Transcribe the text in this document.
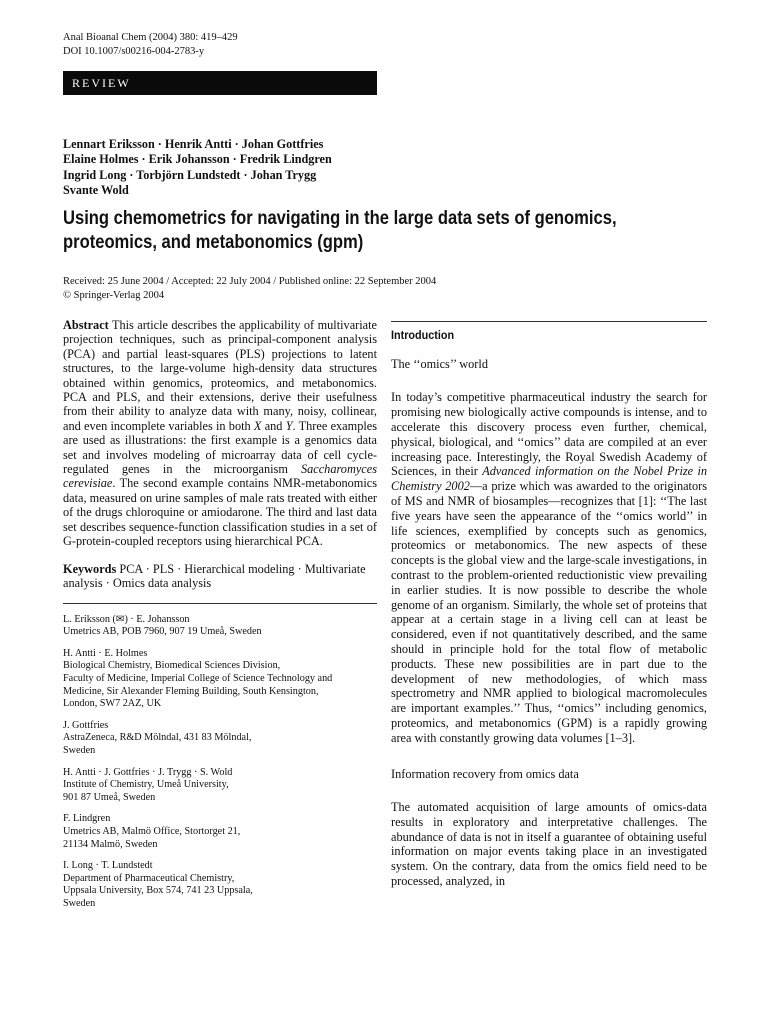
Anal Bioanal Chem (2004) 380: 419–429
DOI 10.1007/s00216-004-2783-y
REVIEW
Lennart Eriksson · Henrik Antti · Johan Gottfries
Elaine Holmes · Erik Johansson · Fredrik Lindgren
Ingrid Long · Torbjörn Lundstedt · Johan Trygg
Svante Wold
Using chemometrics for navigating in the large data sets of genomics,
proteomics, and metabonomics (gpm)
Received: 25 June 2004 / Accepted: 22 July 2004 / Published online: 22 September 2004
© Springer-Verlag 2004

Abstract This article describes the applicability of multivariate projection techniques, such as principal-component analysis (PCA) and partial least-squares (PLS) projections to latent structures, to the large-volume high-density data structures obtained within genomics, proteomics, and metabonomics. PCA and PLS, and their extensions, derive their usefulness from their ability to analyze data with many, noisy, collinear, and even incomplete variables in both X and Y. Three examples are used as illustrations: the first example is a genomics data set and involves modeling of microarray data of cell cycle-regulated genes in the microorganism Saccharomyces cerevisiae. The second example contains NMR-metabonomics data, measured on urine samples of male rats treated with either of the drugs chloroquine or amiodarone. The third and last data set describes sequence-function classification studies in a set of G-protein-coupled receptors using hierarchical PCA.

Keywords PCA · PLS · Hierarchical modeling · Multivariate analysis · Omics data analysis

L. Eriksson (✉) · E. Johansson
Umetrics AB, POB 7960, 907 19 Umeå, Sweden
H. Antti · E. Holmes
Biological Chemistry, Biomedical Sciences Division,
Faculty of Medicine, Imperial College of Science Technology and
Medicine, Sir Alexander Fleming Building, South Kensington,
London, SW7 2AZ, UK
J. Gottfries
AstraZeneca, R&D Mölndal, 431 83 Mölndal,
Sweden
H. Antti · J. Gottfries · J. Trygg · S. Wold
Institute of Chemistry, Umeå University,
901 87 Umeå, Sweden
F. Lindgren
Umetrics AB, Malmö Office, Stortorget 21,
21134 Malmö, Sweden
I. Long · T. Lundstedt
Department of Pharmaceutical Chemistry,
Uppsala University, Box 574, 741 23 Uppsala,
Sweden
Introduction
The ‘‘omics’’ world

In today’s competitive pharmaceutical industry the search for promising new biologically active compounds is intense, and to accelerate this discovery process even further, chemical, physical, biological, and ‘‘omics’’ data are compiled at an ever increasing pace. Interestingly, the Royal Swedish Academy of Sciences, in their Advanced information on the Nobel Prize in Chemistry 2002—a prize which was awarded to the originators of MS and NMR of biosamples—recognizes that [1]: ‘‘The last five years have seen the appearance of the ‘‘omics world’’ in life sciences, exemplified by concepts such as genomics, proteomics or metabonomics. The new aspects of these concepts is the global view and the large-scale investigations, in contrast to the problem-oriented reductionistic view prevailing in earlier studies. It is now possible to describe the whole genome of an organism. Similarly, the whole set of proteins that appear at a certain stage in a living cell can at least be considered, even if not quantitatively described, and the same should in principle hold for the total flow of metabolic products. These new possibilities are in part due to the development of new methodologies, of which mass spectrometry and NMR applied to biological macromolecules are important examples.’’ Thus, ‘‘omics’’ including genomics, proteomics, and metabonomics (GPM) is a rapidly growing area with constantly growing data volumes [1–3].

Information recovery from omics data

The automated acquisition of large amounts of omics-data results in exploratory and interpretative challenges. The abundance of data is not in itself a guarantee of obtaining useful information on major events taking place in an investigated system. On the contrary, data from the omics field need to be processed, analyzed, in
